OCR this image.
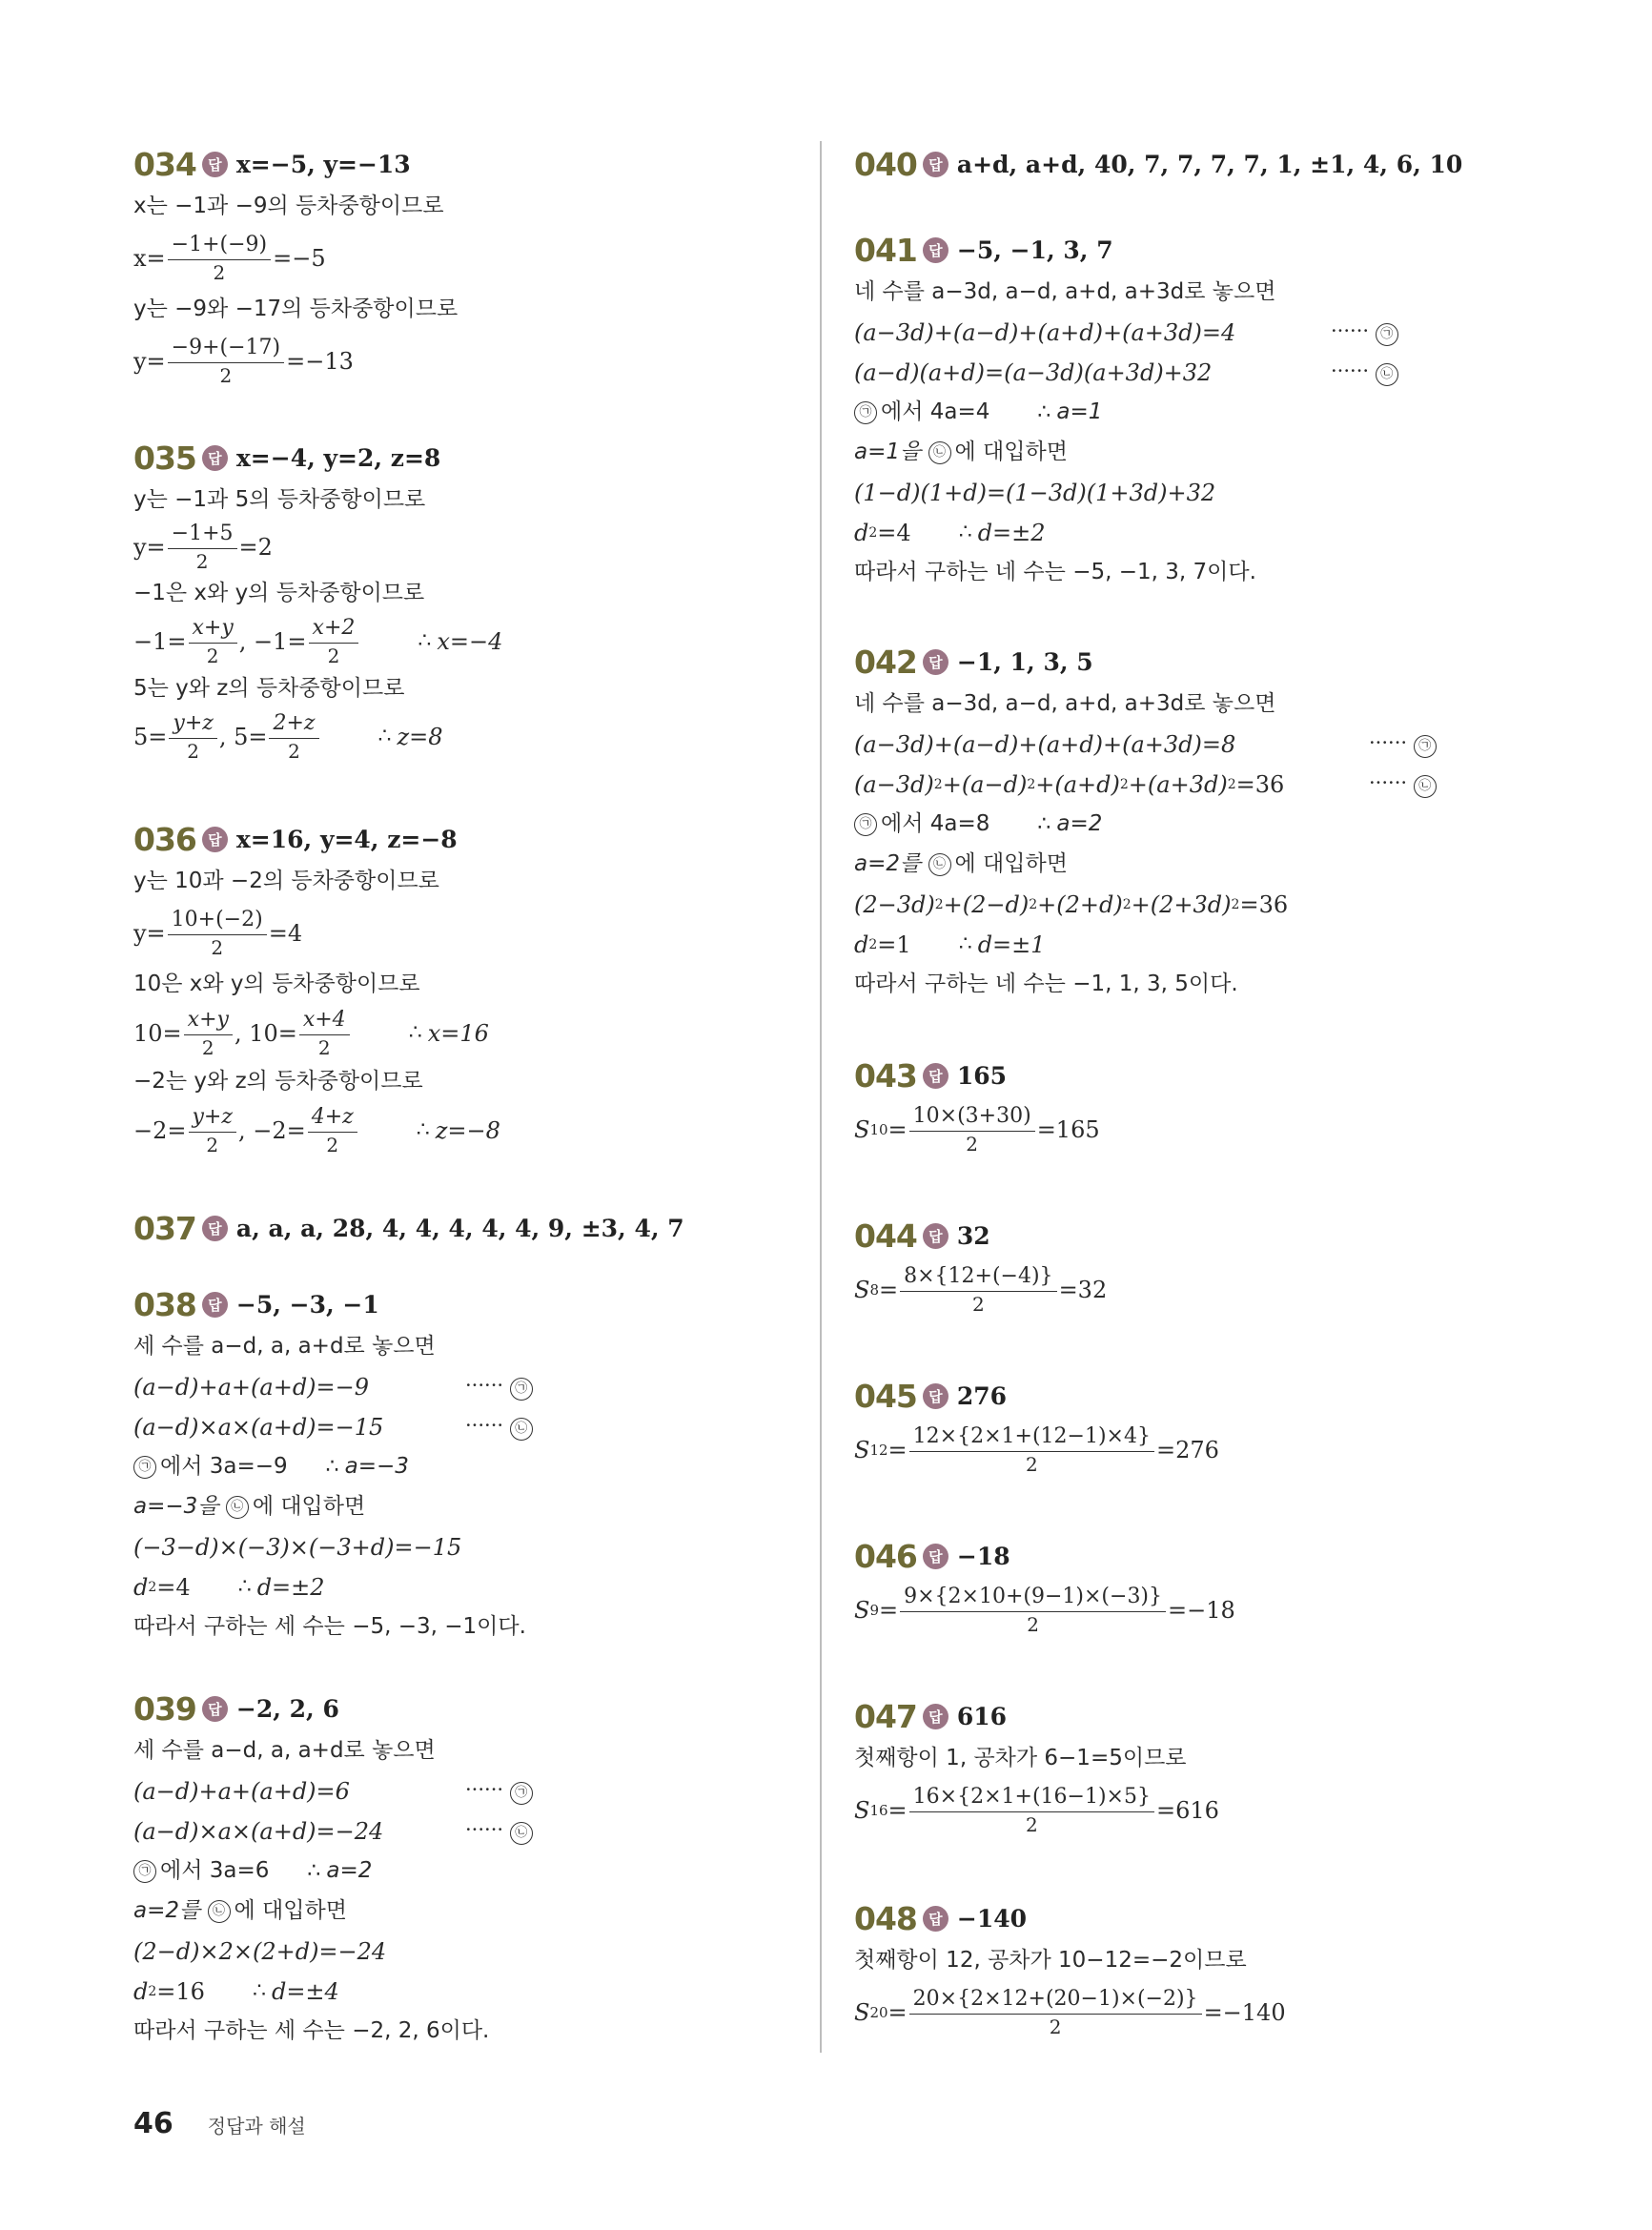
034 답 x=−5, y=−13
x는 −1과 −9의 등차중항이므로
$x= \frac{-1+(-9)}{2} =-5$
y는 −9와 −17의 등차중항이므로
$y= \frac{-9+(-17)}{2} =-13$
035 답 x=−4, y=2, z=8
y는 −1과 5의 등차중항이므로
$y= \frac{-1+5}{2} =2$
−1은 x와 y의 등차중항이므로
$-1= \frac{x+y}{2}$ , $-1= \frac{x+2}{2}$	∴ x=−4
5는 y와 z의 등차중항이므로
$5= \frac{y+z}{2}$ , $5= \frac{2+z}{2}$	∴ z=8
036 답 x=16, y=4, z=−8
y는 10과 −2의 등차중항이므로
$y= \frac{10+(-2)}{2} =4$
10은 x와 y의 등차중항이므로
$10= \frac{x+y}{2}$ , $10= \frac{x+4}{2}$	∴ x=16
−2는 y와 z의 등차중항이므로
$-2= \frac{y+z}{2}$ , $-2= \frac{4+z}{2}$	∴ z=−8
037 답 a, a, a, 28, 4, 4, 4, 4, 4, 9, ±3, 4, 7
038 답 −5, −3, −1
세 수를 a−d, a, a+d로 놓으면
(a−d)+a+(a+d)=−9	······ ㉠
(a−d)×a×(a+d)=−15	······ ㉡
㉠ 에서 3a=−9 ∴ a=−3
a=−3을
㉡ 에 대입하면
(−3−d)×(−3)×(−3+d)=−15
d 2 =4 ∴ d=±2
따라서 구하는 세 수는 −5, −3, −1이다.
039 답 −2, 2, 6
세 수를 a−d, a, a+d로 놓으면
(a−d)+a+(a+d)=6	······ ㉠
(a−d)×a×(a+d)=−24	······ ㉡
㉠ 에서 3a=6 ∴ a=2
a=2를
㉡ 에 대입하면
(2−d)×2×(2+d)=−24
d 2 =16 ∴ d=±4
따라서 구하는 세 수는 −2, 2, 6이다.
040 답 a+d, a+d, 40, 7, 7, 7, 7, 1, ±1, 4, 6, 10
041 답 −5, −1, 3, 7
네 수를 a−3d, a−d, a+d, a+3d로 놓으면
(a−3d)+(a−d)+(a+d)+(a+3d)=4	······ ㉠
(a−d)(a+d)=(a−3d)(a+3d)+32	······ ㉡
㉠ 에서 4a=4 ∴ a=1
a=1을
㉡ 에 대입하면
(1−d)(1+d)=(1−3d)(1+3d)+32
d 2 =4 ∴ d=±2
따라서 구하는 네 수는 −5, −1, 3, 7이다.
042 답 −1, 1, 3, 5
네 수를 a−3d, a−d, a+d, a+3d로 놓으면
(a−3d)+(a−d)+(a+d)+(a+3d)=8	······ ㉠
(a−3d) 2 +(a−d) 2 +(a+d) 2 +(a+3d) 2 =36	······ ㉡
㉠ 에서 4a=8 ∴ a=2
a=2를
㉡ 에 대입하면
(2−3d) 2 +(2−d) 2 +(2+d) 2 +(2+3d) 2 =36
d 2 =1 ∴ d=±1
따라서 구하는 네 수는 −1, 1, 3, 5이다.
043 답 165
S $10 = \frac{10\times(3+30)}{2} =165$
044 답 32
S $8 = \frac{8\times\{12+(-4)\}}{2} =32$
045 답 276
S $12 = \frac{12\times\{2\times 1+(12-1)\times 4\}}{2} =276$
046 답 −18
S $9 = \frac{9\times\{2\times 10+(9-1)\times(-3)\}}{2} =-18$
047 답 616
첫째항이 1, 공차가 6−1=5이므로
S $16 = \frac{16\times\{2\times 1+(16-1)\times 5\}}{2} =616$
048 답 −140
첫째항이 12, 공차가 10−12=−2이므로
S $20 = \frac{20\times\{2\times 12+(20-1)\times(-2)\}}{2} =-140$
46 정답과 해설
